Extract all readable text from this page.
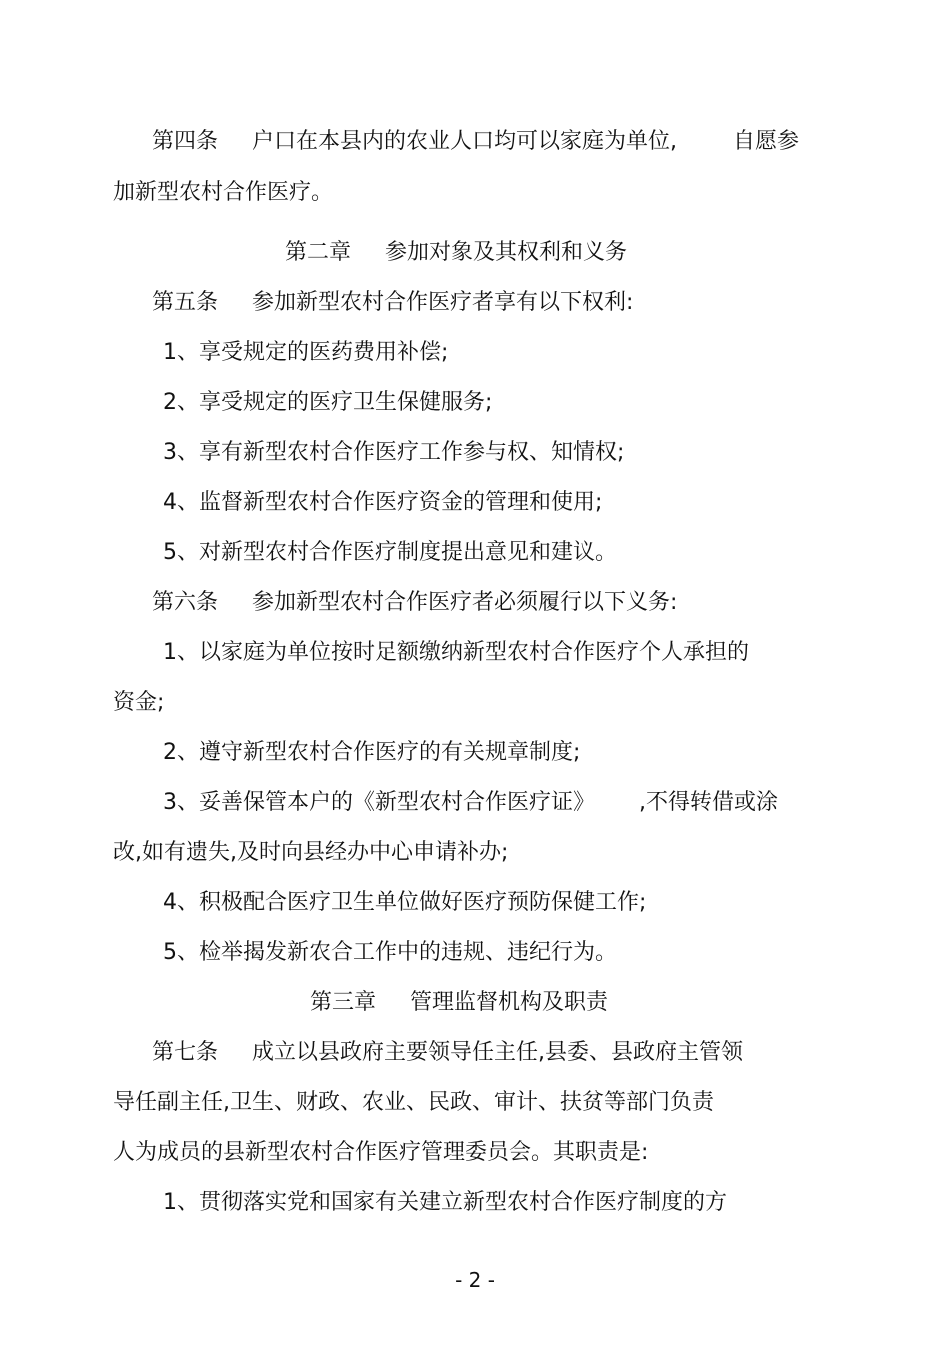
第四条 户口在本县内的农业人口均可以家庭为单位,	自愿参
加新型农村合作医疗。
第二章 参加对象及其权利和义务
第五条 参加新型农村合作医疗者享有以下权利:
1、享受规定的医药费用补偿;
2、享受规定的医疗卫生保健服务;
3、享有新型农村合作医疗工作参与权、知情权;
4、监督新型农村合作医疗资金的管理和使用;
5、对新型农村合作医疗制度提出意见和建议。
第六条 参加新型农村合作医疗者必须履行以下义务:
1、以家庭为单位按时足额缴纳新型农村合作医疗个人承担的
资金;
2、遵守新型农村合作医疗的有关规章制度;
3、妥善保管本户的《新型农村合作医疗证》 ,不得转借或涂
改,如有遗失,及时向县经办中心申请补办;
4、积极配合医疗卫生单位做好医疗预防保健工作;
5、检举揭发新农合工作中的违规、违纪行为。
第三章 管理监督机构及职责
第七条 成立以县政府主要领导任主任,县委、县政府主管领
导任副主任,卫生、财政、农业、民政、审计、扶贫等部门负责
人为成员的县新型农村合作医疗管理委员会。其职责是:
1、贯彻落实党和国家有关建立新型农村合作医疗制度的方
- 2 -
